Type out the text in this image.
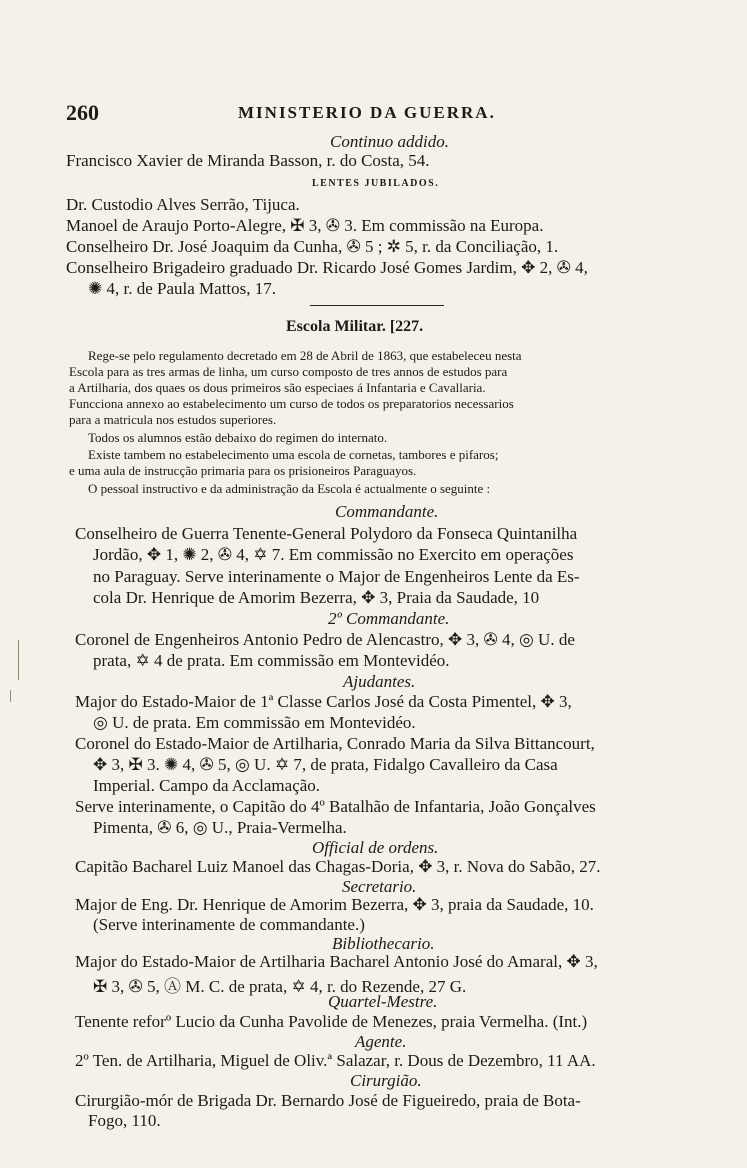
260	MINISTERIO DA GUERRA.
Continuo addido.
Francisco Xavier de Miranda Basson, r. do Costa, 54.
LENTES JUBILADOS.
Dr. Custodio Alves Serrão, Tijuca.
Manoel de Araujo Porto-Alegre, ✠ 3, ✇ 3. Em commissão na Europa.
Conselheiro Dr. José Joaquim da Cunha, ✇ 5 ; ✲ 5, r. da Conciliação, 1.
Conselheiro Brigadeiro graduado Dr. Ricardo José Gomes Jardim, ✥ 2, ✇ 4,
✺ 4, r. de Paula Mattos, 17.
Escola Militar. [227.
Rege-se pelo regulamento decretado em 28 de Abril de 1863, que estabeleceu nesta
Escola para as tres armas de linha, um curso composto de tres annos de estudos para
a Artilharia, dos quaes os dous primeiros são especiaes á Infantaria e Cavallaria.
Funcciona annexo ao estabelecimento um curso de todos os preparatorios necessarios
para a matricula nos estudos superiores.
Todos os alumnos estão debaixo do regimen do internato.
Existe tambem no estabelecimento uma escola de cornetas, tambores e pifaros;
e uma aula de instrucção primaria para os prisioneiros Paraguayos.
O pessoal instructivo e da administração da Escola é actualmente o seguinte :
Commandante.
Conselheiro de Guerra Tenente-General Polydoro da Fonseca Quintanilha
Jordão, ✥ 1, ✺ 2, ✇ 4, ✡ 7. Em commissão no Exercito em operações
no Paraguay. Serve interinamente o Major de Engenheiros Lente da Es-
cola Dr. Henrique de Amorim Bezerra, ✥ 3, Praia da Saudade, 10
2º Commandante.
Coronel de Engenheiros Antonio Pedro de Alencastro, ✥ 3, ✇ 4, ◎ U. de
prata, ✡ 4 de prata. Em commissão em Montevidéo.
Ajudantes.
Major do Estado-Maior de 1ª Classe Carlos José da Costa Pimentel, ✥ 3,
◎ U. de prata. Em commissão em Montevidéo.
Coronel do Estado-Maior de Artilharia, Conrado Maria da Silva Bittancourt,
✥ 3, ✠ 3. ✺ 4, ✇ 5, ◎ U. ✡ 7, de prata, Fidalgo Cavalleiro da Casa
Imperial. Campo da Acclamação.
Serve interinamente, o Capitão do 4º Batalhão de Infantaria, João Gonçalves
Pimenta, ✇ 6, ◎ U., Praia-Vermelha.
Official de ordens.
Capitão Bacharel Luiz Manoel das Chagas-Doria, ✥ 3, r. Nova do Sabão, 27.
Secretario.
Major de Eng. Dr. Henrique de Amorim Bezerra, ✥ 3, praia da Saudade, 10.
(Serve interinamente de commandante.)
Bibliothecario.
Major do Estado-Maior de Artilharia Bacharel Antonio José do Amaral, ✥ 3,
✠ 3, ✇ 5, Ⓐ M. C. de prata, ✡ 4, r. do Rezende, 27 G.
Quartel-Mestre.
Tenente reforº Lucio da Cunha Pavolide de Menezes, praia Vermelha. (Int.)
Agente.
2º Ten. de Artilharia, Miguel de Oliv.ª Salazar, r. Dous de Dezembro, 11 AA.
Cirurgião.
Cirurgião-mór de Brigada Dr. Bernardo José de Figueiredo, praia de Bota-
Fogo, 110.
